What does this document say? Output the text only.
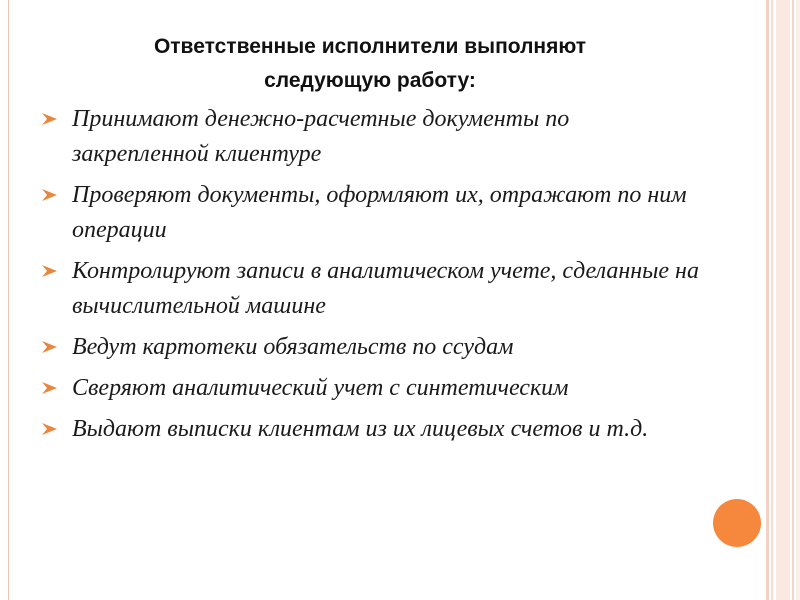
Ответственные исполнители выполняют
следующую работу:
Принимают денежно-расчетные документы по закрепленной клиентуре
Проверяют документы, оформляют их, отражают по ним операции
Контролируют записи в аналитическом учете, сделанные на вычислительной машине
Ведут картотеки обязательств по ссудам
Сверяют аналитический учет с синтетическим
Выдают выписки клиентам из их лицевых счетов и т.д.
